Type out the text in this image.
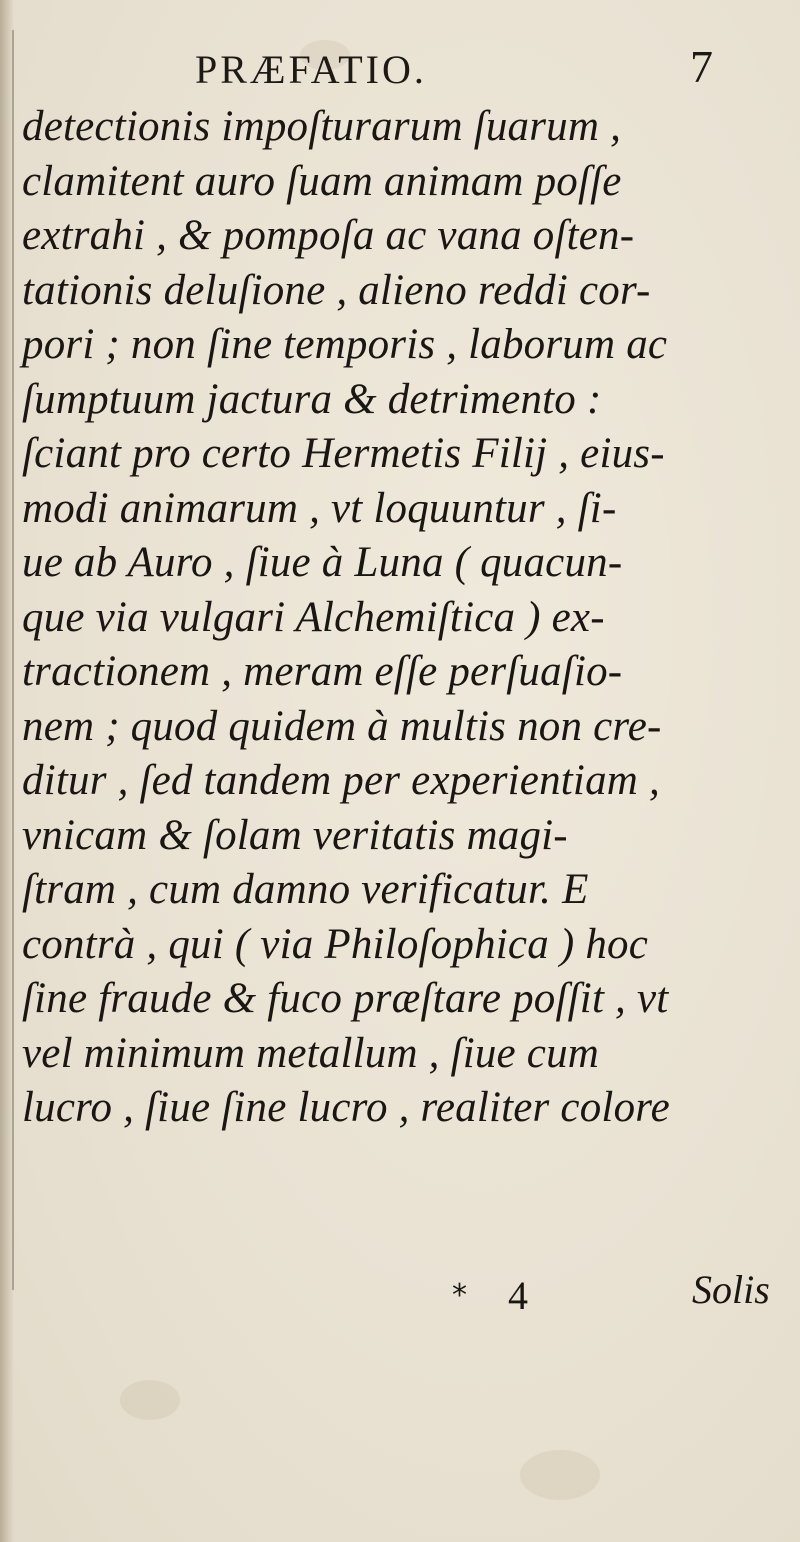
PRÆFATIO.	7
detectionis impoſturarum ſuarum ,
clamitent auro ſuam animam poſſe
extrahi , & pompoſa ac vana oſten-
tationis deluſione , alieno reddi cor-
pori ; non ſine temporis , laborum ac
ſumptuum jactura & detrimento :
ſciant pro certo Hermetis Filij , eius-
modi animarum , vt loquuntur , ſi-
ue ab Auro , ſiue à Luna ( quacun-
que via vulgari Alchemiſtica ) ex-
tractionem , meram eſſe perſuaſio-
nem ; quod quidem à multis non cre-
ditur , ſed tandem per experientiam ,
vnicam & ſolam veritatis magi-
ſtram , cum damno verificatur. E
contrà , qui ( via Philoſophica ) hoc
ſine fraude & fuco præſtare poſſit , vt
vel minimum metallum , ſiue cum
lucro , ſiue ſine lucro , realiter colore
* 4	Solis
